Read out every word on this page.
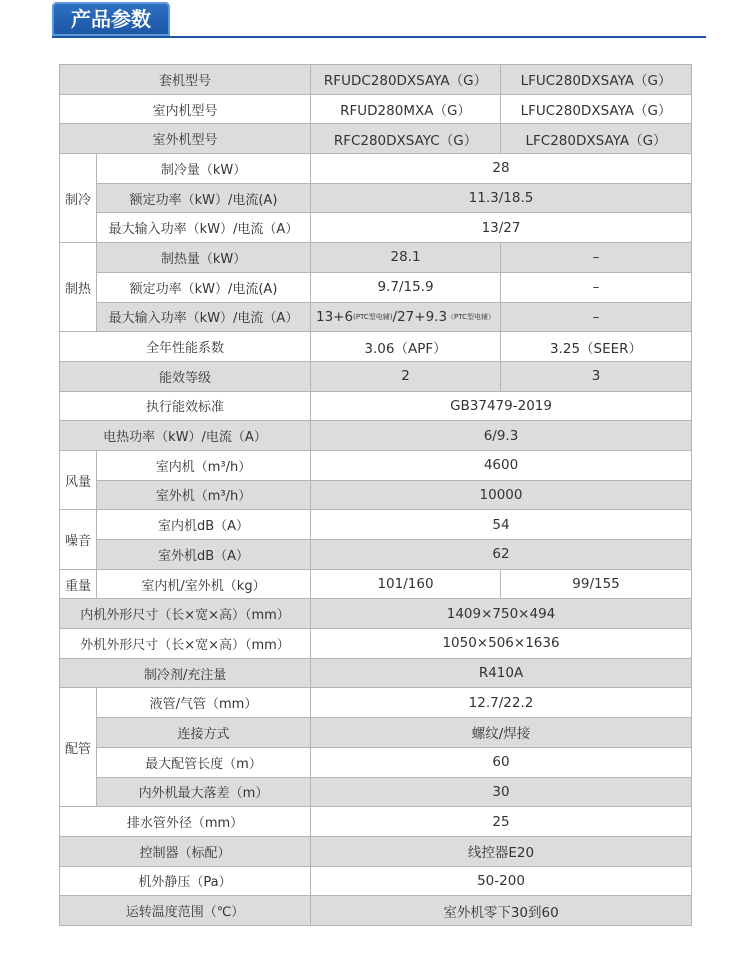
产品参数
套机型号		RFUDC280DXSAYA（G）	LFUC280DXSAYA（G）
室内机型号		RFUD280MXA（G）	LFUC280DXSAYA（G）
室外机型号		RFC280DXSAYC（G）	LFC280DXSAYA（G）
制冷	制冷量（kW）	28	
	额定功率（kW）/电流(A)	11.3/18.5	
	最大输入功率（kW）/电流（A）	13/27	
制热	制热量（kW）	28.1	–
	额定功率（kW）/电流(A)	9.7/15.9	–
	最大输入功率（kW）/电流（A）	13+6(PTC型电辅)/27+9.3（PTC型电辅）	–
全年性能系数		3.06（APF）	3.25（SEER）
能效等级		2	3
执行能效标准		GB37479-2019	
电热功率（kW）/电流（A）		6/9.3	
风量	室内机（m³/h）	4600	
	室外机（m³/h）	10000	
噪音	室内机dB（A）	54	
	室外机dB（A）	62	
重量	室内机/室外机（kg）	101/160	99/155
内机外形尺寸（长×宽×高）（mm）		1409×750×494	
外机外形尺寸（长×宽×高）（mm）		1050×506×1636	
制冷剂/充注量		R410A	
配管	液管/气管（mm）	12.7/22.2	
	连接方式	螺纹/焊接	
	最大配管长度（m）	60	
	内外机最大落差（m）	30	
排水管外径（mm）		25	
控制器（标配）		线控器E20	
机外静压（Pa）		50-200	
运转温度范围（℃）		室外机零下30到60	
